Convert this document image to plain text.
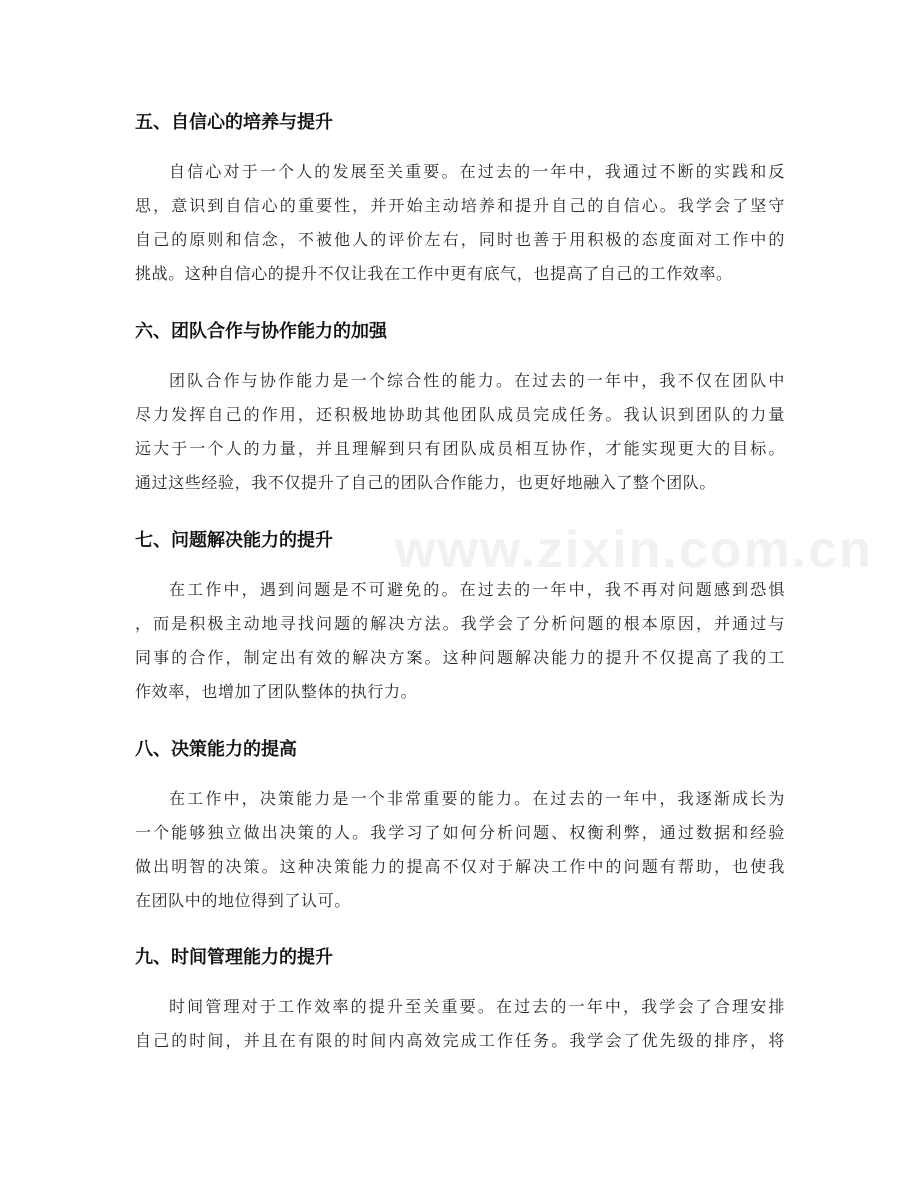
www.zixin.com.cn
五、自信心的培养与提升
自信心对于一个人的发展至关重要。在过去的一年中，我通过不断的实践和反
思，意识到自信心的重要性，并开始主动培养和提升自己的自信心。我学会了坚守
自己的原则和信念，不被他人的评价左右，同时也善于用积极的态度面对工作中的
挑战。这种自信心的提升不仅让我在工作中更有底气，也提高了自己的工作效率。
六、团队合作与协作能力的加强
团队合作与协作能力是一个综合性的能力。在过去的一年中，我不仅在团队中
尽力发挥自己的作用，还积极地协助其他团队成员完成任务。我认识到团队的力量
远大于一个人的力量，并且理解到只有团队成员相互协作，才能实现更大的目标。
通过这些经验，我不仅提升了自己的团队合作能力，也更好地融入了整个团队。
七、问题解决能力的提升
在工作中，遇到问题是不可避免的。在过去的一年中，我不再对问题感到恐惧
，而是积极主动地寻找问题的解决方法。我学会了分析问题的根本原因，并通过与
同事的合作，制定出有效的解决方案。这种问题解决能力的提升不仅提高了我的工
作效率，也增加了团队整体的执行力。
八、决策能力的提高
在工作中，决策能力是一个非常重要的能力。在过去的一年中，我逐渐成长为
一个能够独立做出决策的人。我学习了如何分析问题、权衡利弊，通过数据和经验
做出明智的决策。这种决策能力的提高不仅对于解决工作中的问题有帮助，也使我
在团队中的地位得到了认可。
九、时间管理能力的提升
时间管理对于工作效率的提升至关重要。在过去的一年中，我学会了合理安排
自己的时间，并且在有限的时间内高效完成工作任务。我学会了优先级的排序，将
